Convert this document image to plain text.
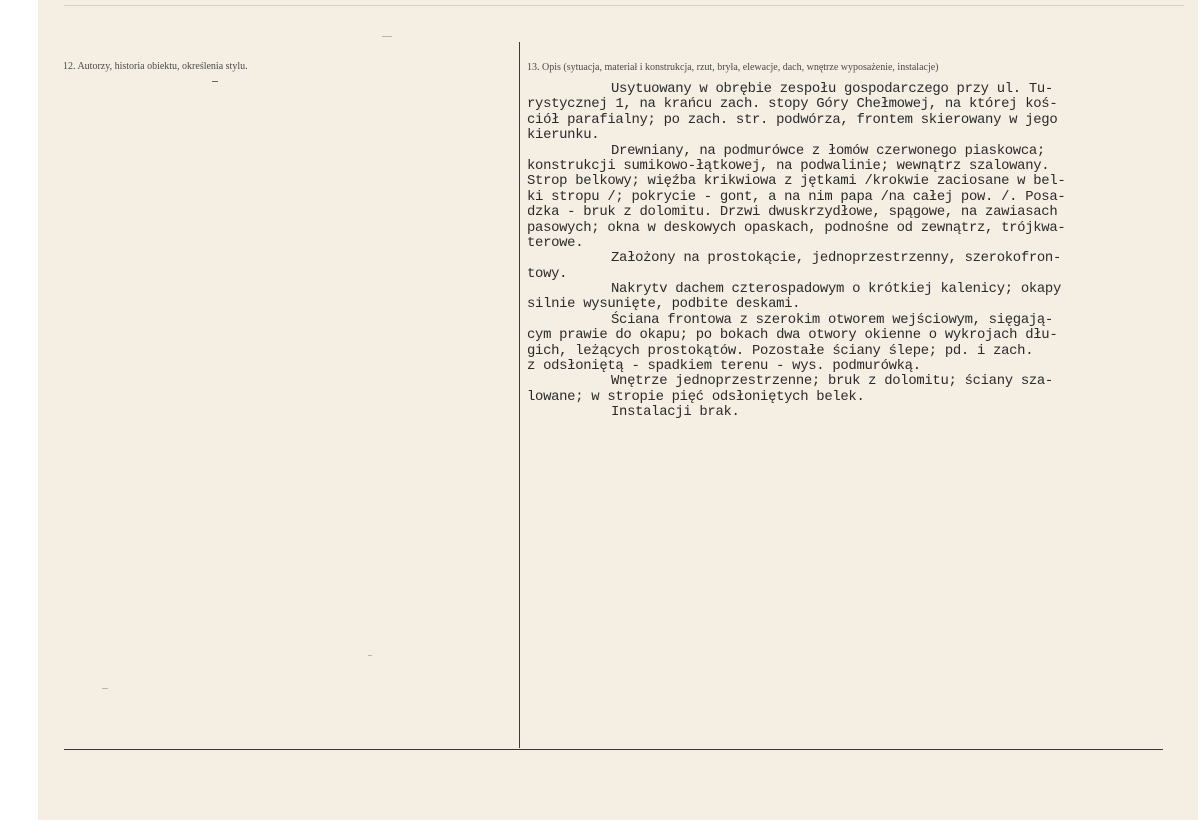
12. Autorzy, historia obiektu, określenia stylu.	13. Opis (sytuacja, materiał i konstrukcja, rzut, bryła, elewacje, dach, wnętrze wyposażenie, instalacje)
Usytuowany w obrębie zespołu gospodarczego przy ul. Tu-
rystycznej 1, na krańcu zach. stopy Góry Chełmowej, na której koś-
ciół parafialny; po zach. str. podwórza, frontem skierowany w jego
kierunku.
Drewniany, na podmurówce z łomów czerwonego piaskowca;
konstrukcji sumikowo-łątkowej, na podwalinie; wewnątrz szalowany.
Strop belkowy; więźba krikwiowa z jętkami /krokwie zaciosane w bel-
ki stropu /; pokrycie - gont, a na nim papa /na całej pow. /. Posa-
dzka - bruk z dolomitu. Drzwi dwuskrzydłowe, spągowe, na zawiasach
pasowych; okna w deskowych opaskach, podnośne od zewnątrz, trójkwa-
terowe.
Założony na prostokącie, jednoprzestrzenny, szerokofron-
towy.
Nakrytv dachem czterospadowym o krótkiej kalenicy; okapy
silnie wysunięte, podbite deskami.
Ściana frontowa z szerokim otworem wejściowym, sięgają-
cym prawie do okapu; po bokach dwa otwory okienne o wykrojach dłu-
gich, leżących prostokątów. Pozostałe ściany ślepe; pd. i zach.
z odsłoniętą - spadkiem terenu - wys. podmurówką.
Wnętrze jednoprzestrzenne; bruk z dolomitu; ściany sza-
lowane; w stropie pięć odsłoniętych belek.
Instalacji brak.
